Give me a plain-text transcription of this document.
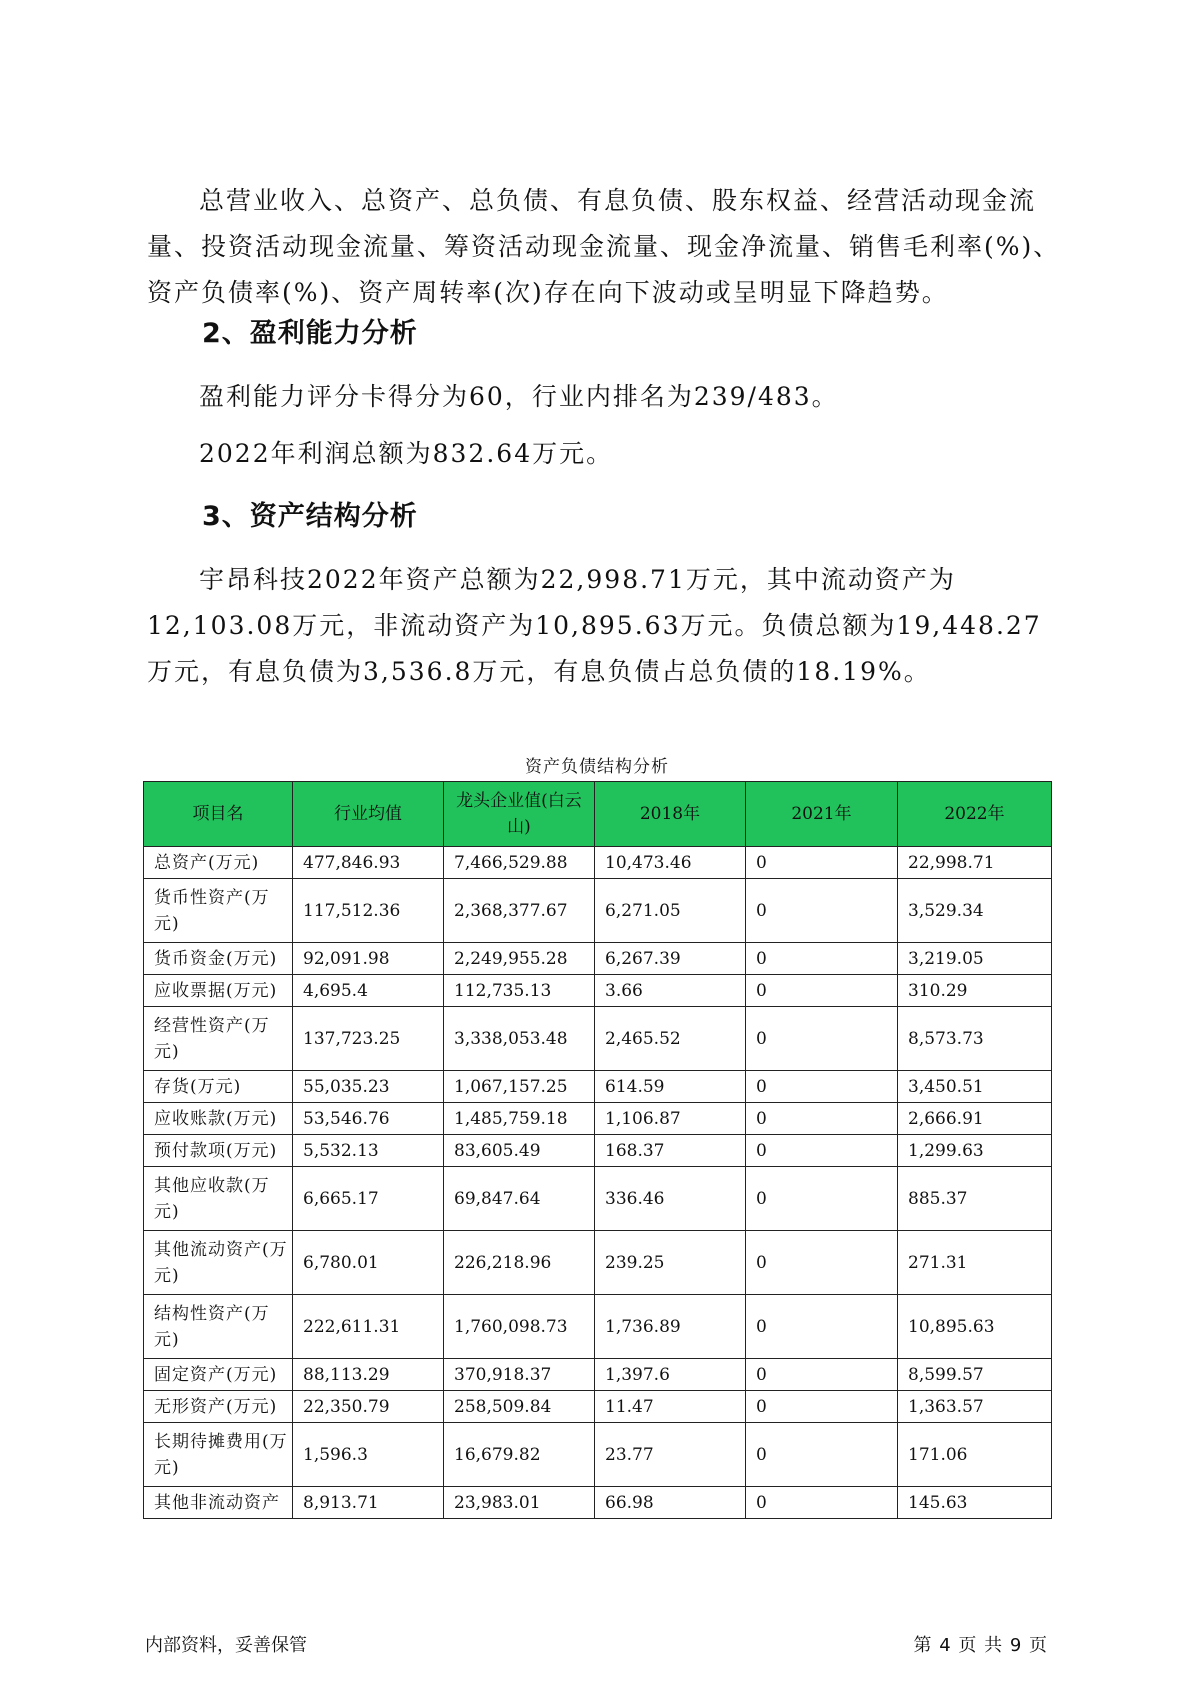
总营业收入、总资产、总负债、有息负债、股东权益、经营活动现金流量、投资活动现金流量、筹资活动现金流量、现金净流量、销售毛利率(%)、资产负债率(%)、资产周转率(次)存在向下波动或呈明显下降趋势。

2、盈利能力分析

盈利能力评分卡得分为60，行业内排名为239/483。

2022年利润总额为832.64万元。

3、资产结构分析

宇昂科技2022年资产总额为22,998.71万元，其中流动资产为12,103.08万元，非流动资产为10,895.63万元。负债总额为19,448.27万元，有息负债为3,536.8万元，有息负债占总负债的18.19%。

资产负债结构分析
项目名	行业均值	龙头企业值(白云山)	2018年	2021年	2022年
总资产(万元)	477,846.93	7,466,529.88	10,473.46	0	22,998.71
货币性资产(万元)	117,512.36	2,368,377.67	6,271.05	0	3,529.34
货币资金(万元)	92,091.98	2,249,955.28	6,267.39	0	3,219.05
应收票据(万元)	4,695.4	112,735.13	3.66	0	310.29
经营性资产(万元)	137,723.25	3,338,053.48	2,465.52	0	8,573.73
存货(万元)	55,035.23	1,067,157.25	614.59	0	3,450.51
应收账款(万元)	53,546.76	1,485,759.18	1,106.87	0	2,666.91
预付款项(万元)	5,532.13	83,605.49	168.37	0	1,299.63
其他应收款(万元)	6,665.17	69,847.64	336.46	0	885.37
其他流动资产(万元)	6,780.01	226,218.96	239.25	0	271.31
结构性资产(万元)	222,611.31	1,760,098.73	1,736.89	0	10,895.63
固定资产(万元)	88,113.29	370,918.37	1,397.6	0	8,599.57
无形资产(万元)	22,350.79	258,509.84	11.47	0	1,363.57
长期待摊费用(万元)	1,596.3	16,679.82	23.77	0	171.06
其他非流动资产	8,913.71	23,983.01	66.98	0	145.63
内部资料，妥善保管	第 4 页 共 9 页
